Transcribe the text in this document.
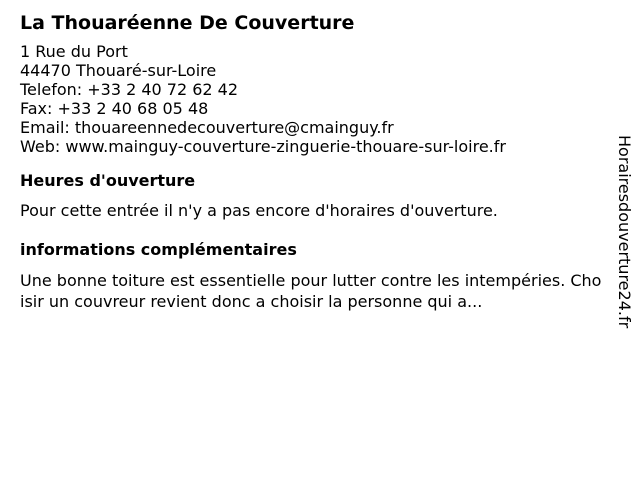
La Thouaréenne De Couverture
1 Rue du Port
44470 Thouaré-sur-Loire
Telefon: +33 2 40 72 62 42
Fax: +33 2 40 68 05 48
Email: thouareennedecouverture@cmainguy.fr
Web: www.mainguy-couverture-zinguerie-thouare-sur-loire.fr
Heures d'ouverture
Pour cette entrée il n'y a pas encore d'horaires d'ouverture.
informations complémentaires
Une bonne toiture est essentielle pour lutter contre les intempéries. Choisir un couvreur revient donc a choisir la personne qui a...	Horairesdouverture24.fr
